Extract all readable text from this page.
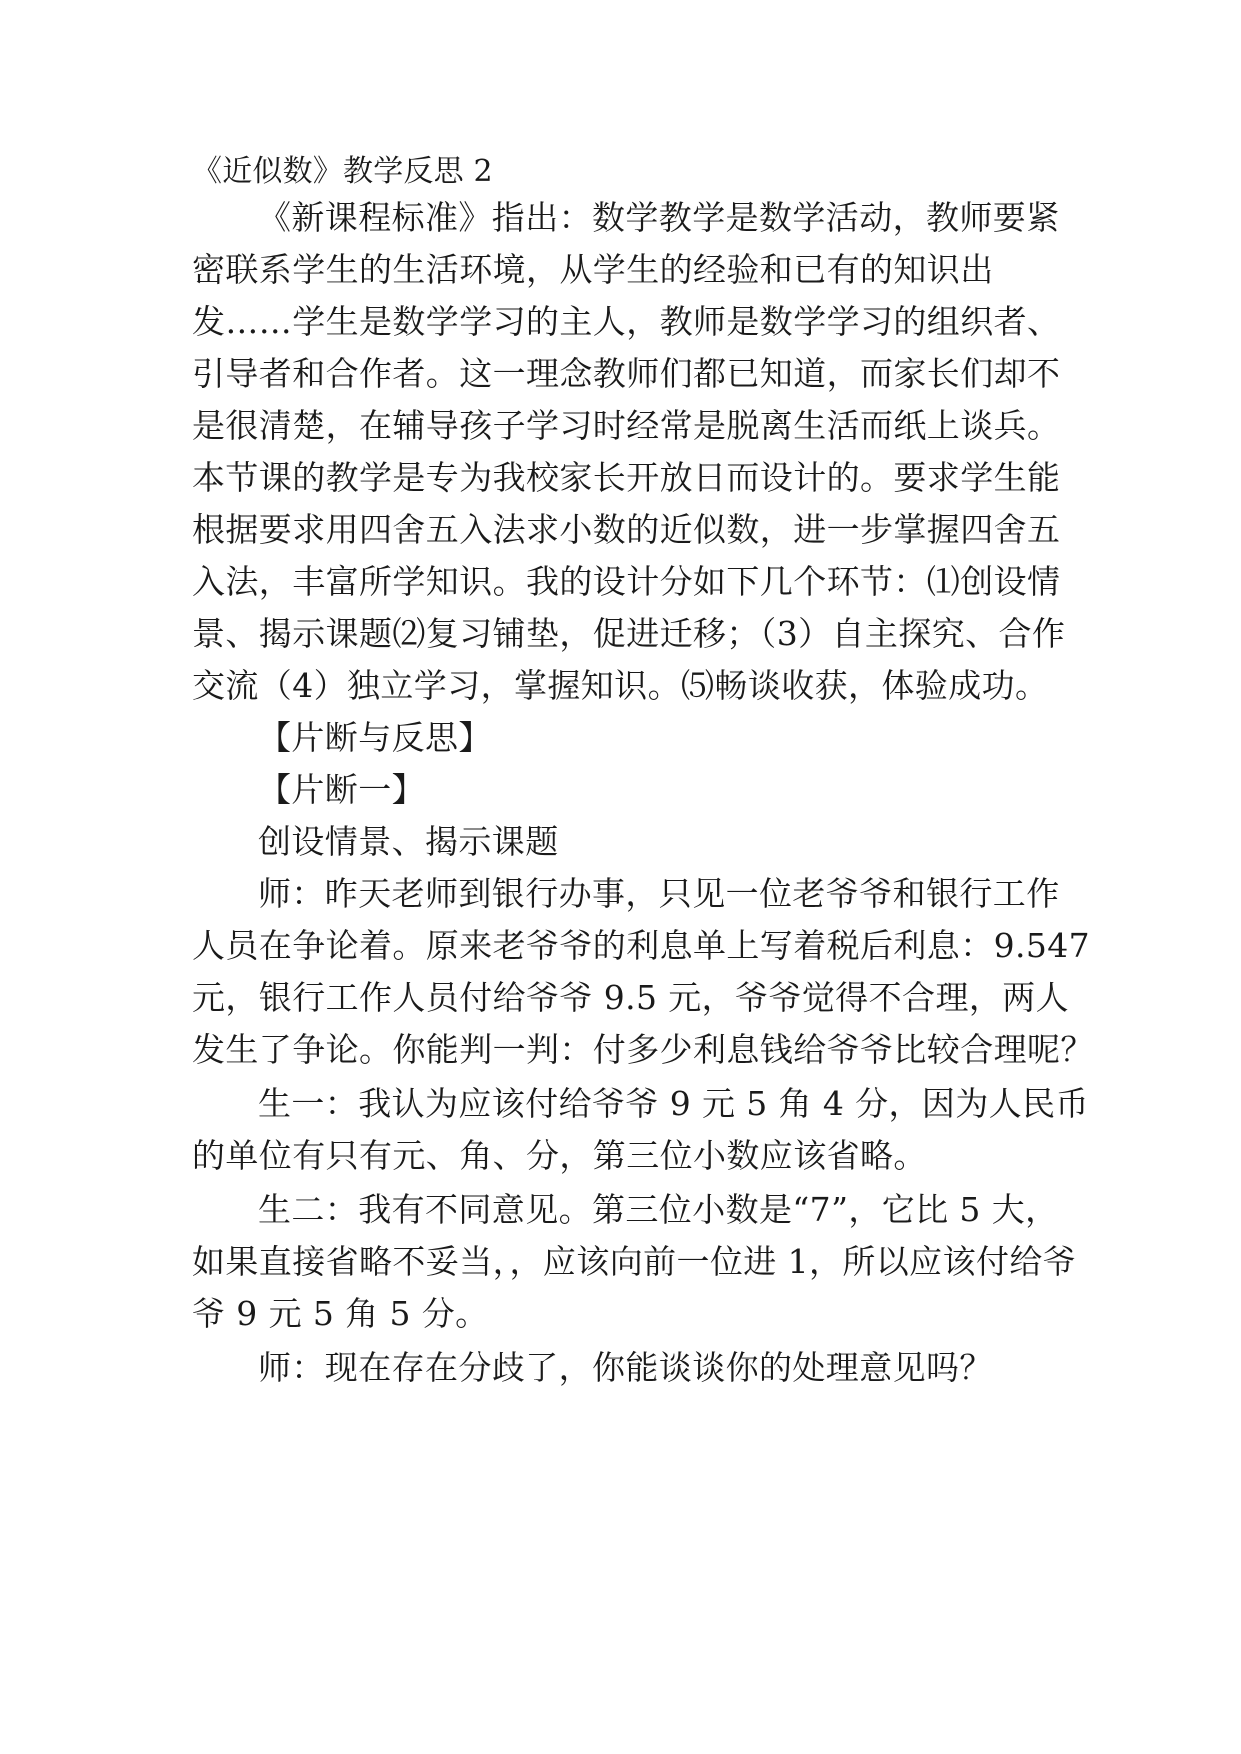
《近似数》教学反思 2
《新课程标准》指出：数学教学是数学活动，教师要紧
密联系学生的生活环境，从学生的经验和已有的知识出
发……学生是数学学习的主人，教师是数学学习的组织者、
引导者和合作者。这一理念教师们都已知道，而家长们却不
是很清楚，在辅导孩子学习时经常是脱离生活而纸上谈兵。
本节课的教学是专为我校家长开放日而设计的。要求学生能
根据要求用四舍五入法求小数的近似数，进一步掌握四舍五
入法，丰富所学知识。我的设计分如下几个环节：⑴创设情
景、揭示课题⑵复习铺垫，促进迁移；（3）自主探究、合作
交流（4）独立学习，掌握知识。⑸畅谈收获，体验成功。
【片断与反思】
【片断一】
创设情景、揭示课题
师：昨天老师到银行办事，只见一位老爷爷和银行工作
人员在争论着。原来老爷爷的利息单上写着税后利息：9.547
元，银行工作人员付给爷爷 9.5 元，爷爷觉得不合理，两人
发生了争论。你能判一判：付多少利息钱给爷爷比较合理呢？
生一：我认为应该付给爷爷 9 元 5 角 4 分，因为人民币
的单位有只有元、角、分，第三位小数应该省略。
生二：我有不同意见。第三位小数是“7”，它比 5 大，
如果直接省略不妥当，，应该向前一位进 1，所以应该付给爷
爷 9 元 5 角 5 分。
师：现在存在分歧了，你能谈谈你的处理意见吗？
